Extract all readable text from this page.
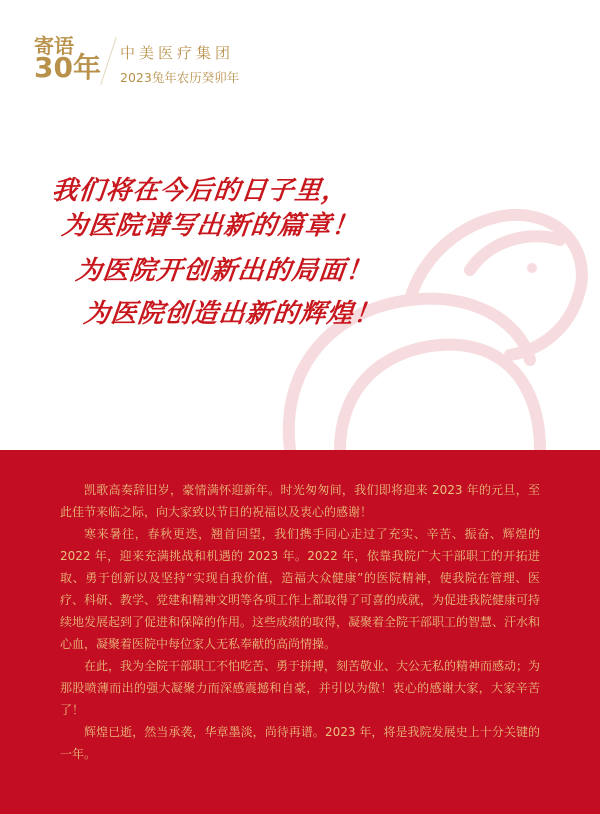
寄语
30年 中美医疗集团
2023兔年农历癸卯年
我们将在今后的日子里，
为医院谱写出新的篇章！
为医院开创新出的局面！
为医院创造出新的辉煌！

凯歌高奏辞旧岁，豪情满怀迎新年。时光匆匆间，我们即将迎来 2023 年的元旦，至此佳节来临之际，向大家致以节日的祝福以及衷心的感谢！

寒来暑往，春秋更迭，翘首回望，我们携手同心走过了充实、辛苦、振奋、辉煌的 2022 年，迎来充满挑战和机遇的 2023 年。2022 年，依靠我院广大干部职工的开拓进取、勇于创新以及坚持“实现自我价值，造福大众健康”的医院精神，使我院在管理、医疗、科研、教学、党建和精神文明等各项工作上都取得了可喜的成就，为促进我院健康可持续地发展起到了促进和保障的作用。这些成绩的取得，凝聚着全院干部职工的智慧、汗水和心血，凝聚着医院中每位家人无私奉献的高尚情操。

在此，我为全院干部职工不怕吃苦、勇于拼搏，刻苦敬业、大公无私的精神而感动；为那股喷薄而出的强大凝聚力而深感震撼和自豪，并引以为傲！衷心的感谢大家，大家辛苦了！

辉煌已逝，然当承袭，华章墨淡，尚待再谱。2023 年，将是我院发展史上十分关键的一年。
